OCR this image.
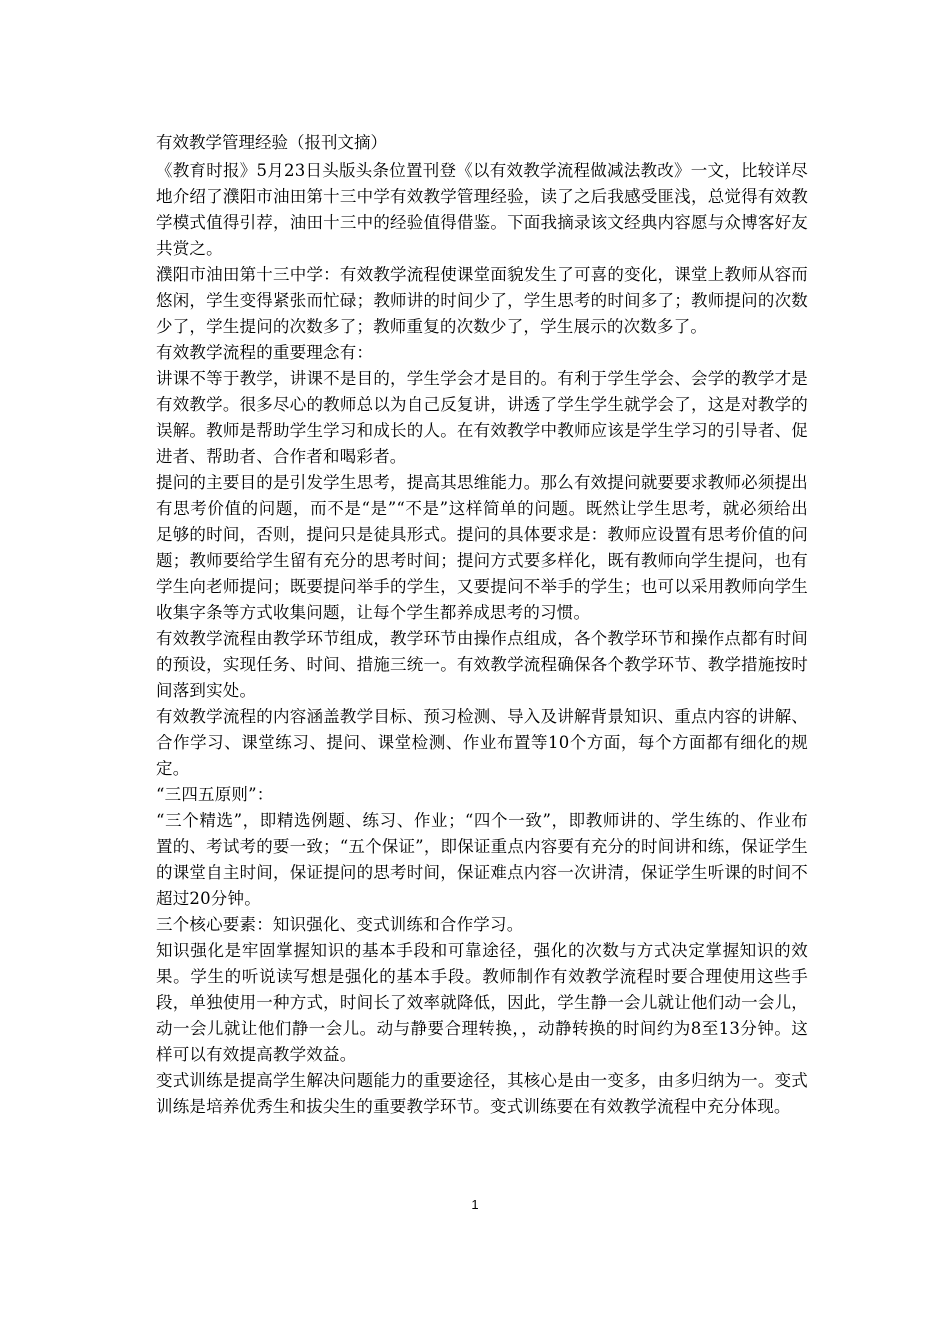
有效教学管理经验（报刊文摘）

《教育时报》5月23日头版头条位置刊登《以有效教学流程做减法教改》一文，比较详尽地介绍了濮阳市油田第十三中学有效教学管理经验，读了之后我感受匪浅，总觉得有效教学模式值得引荐，油田十三中的经验值得借鉴。下面我摘录该文经典内容愿与众博客好友共赏之。

濮阳市油田第十三中学：有效教学流程使课堂面貌发生了可喜的变化，课堂上教师从容而悠闲，学生变得紧张而忙碌；教师讲的时间少了，学生思考的时间多了；教师提问的次数少了，学生提问的次数多了；教师重复的次数少了，学生展示的次数多了。

有效教学流程的重要理念有：

讲课不等于教学，讲课不是目的，学生学会才是目的。有利于学生学会、会学的教学才是有效教学。很多尽心的教师总以为自己反复讲，讲透了学生学生就学会了，这是对教学的误解。教师是帮助学生学习和成长的人。在有效教学中教师应该是学生学习的引导者、促进者、帮助者、合作者和喝彩者。

提问的主要目的是引发学生思考，提高其思维能力。那么有效提问就要要求教师必须提出有思考价值的问题，而不是“是”“不是”这样简单的问题。既然让学生思考，就必须给出足够的时间，否则，提问只是徒具形式。提问的具体要求是：教师应设置有思考价值的问题；教师要给学生留有充分的思考时间；提问方式要多样化，既有教师向学生提问，也有学生向老师提问；既要提问举手的学生，又要提问不举手的学生；也可以采用教师向学生收集字条等方式收集问题，让每个学生都养成思考的习惯。

有效教学流程由教学环节组成，教学环节由操作点组成，各个教学环节和操作点都有时间的预设，实现任务、时间、措施三统一。有效教学流程确保各个教学环节、教学措施按时间落到实处。

有效教学流程的内容涵盖教学目标、预习检测、导入及讲解背景知识、重点内容的讲解、合作学习、课堂练习、提问、课堂检测、作业布置等10个方面，每个方面都有细化的规定。

“三四五原则”：

“三个精选”，即精选例题、练习、作业；“四个一致”，即教师讲的、学生练的、作业布置的、考试考的要一致；“五个保证”，即保证重点内容要有充分的时间讲和练，保证学生的课堂自主时间，保证提问的思考时间，保证难点内容一次讲清，保证学生听课的时间不超过20分钟。

三个核心要素：知识强化、变式训练和合作学习。

知识强化是牢固掌握知识的基本手段和可靠途径，强化的次数与方式决定掌握知识的效果。学生的听说读写想是强化的基本手段。教师制作有效教学流程时要合理使用这些手段，单独使用一种方式，时间长了效率就降低，因此，学生静一会儿就让他们动一会儿，动一会儿就让他们静一会儿。动与静要合理转换，，动静转换的时间约为8至13分钟。这样可以有效提高教学效益。

变式训练是提高学生解决问题能力的重要途径，其核心是由一变多，由多归纳为一。变式训练是培养优秀生和拔尖生的重要教学环节。变式训练要在有效教学流程中充分体现。

1
